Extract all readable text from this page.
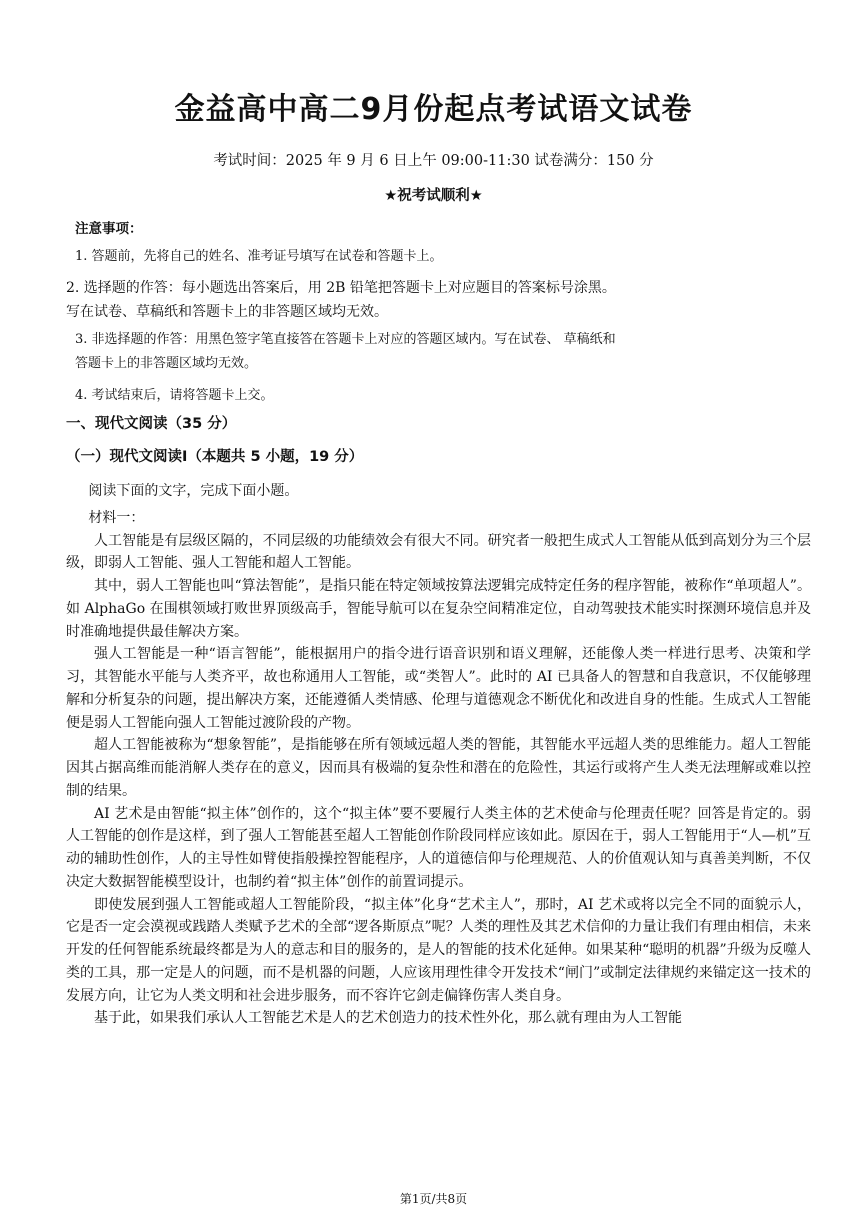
金益高中高二9月份起点考试语文试卷
考试时间：2025 年 9 月 6 日上午 09:00-11:30 试卷满分：150 分
★祝考试顺利★
注意事项：
1. 答题前，先将自己的姓名、准考证号填写在试卷和答题卡上。
2. 选择题的作答：每小题选出答案后，用 2B 铅笔把答题卡上对应题目的答案标号涂黑。
写在试卷、草稿纸和答题卡上的非答题区域均无效。
3. 非选择题的作答：用黑色签字笔直接答在答题卡上对应的答题区域内。写在试卷、 草稿纸和
答题卡上的非答题区域均无效。
4. 考试结束后，请将答题卡上交。
一、现代文阅读（35 分）
（一）现代文阅读Ⅰ（本题共 5 小题，19 分）

阅读下面的文字，完成下面小题。

材料一：

人工智能是有层级区隔的，不同层级的功能绩效会有很大不同。研究者一般把生成式人工智能从低到高划分为三个层级，即弱人工智能、强人工智能和超人工智能。

其中，弱人工智能也叫“算法智能”，是指只能在特定领域按算法逻辑完成特定任务的程序智能，被称作“单项超人”。如 AlphaGo 在围棋领域打败世界顶级高手，智能导航可以在复杂空间精准定位，自动驾驶技术能实时探测环境信息并及时准确地提供最佳解决方案。

强人工智能是一种“语言智能”，能根据用户的指令进行语音识别和语义理解，还能像人类一样进行思考、决策和学习，其智能水平能与人类齐平，故也称通用人工智能，或“类智人”。此时的 AI 已具备人的智慧和自我意识，不仅能够理解和分析复杂的问题，提出解决方案，还能遵循人类情感、伦理与道德观念不断优化和改进自身的性能。生成式人工智能便是弱人工智能向强人工智能过渡阶段的产物。

超人工智能被称为“想象智能”，是指能够在所有领域远超人类的智能，其智能水平远超人类的思维能力。超人工智能因其占据高维而能消解人类存在的意义，因而具有极端的复杂性和潜在的危险性，其运行或将产生人类无法理解或难以控制的结果。

AI 艺术是由智能“拟主体”创作的，这个“拟主体”要不要履行人类主体的艺术使命与伦理责任呢？回答是肯定的。弱人工智能的创作是这样，到了强人工智能甚至超人工智能创作阶段同样应该如此。原因在于，弱人工智能用于“人—机”互动的辅助性创作，人的主导性如臂使指般操控智能程序，人的道德信仰与伦理规范、人的价值观认知与真善美判断，不仅决定大数据智能模型设计，也制约着“拟主体”创作的前置词提示。

即使发展到强人工智能或超人工智能阶段，“拟主体”化身“艺术主人”，那时，AI 艺术或将以完全不同的面貌示人，它是否一定会漠视或践踏人类赋予艺术的全部“逻各斯原点”呢？人类的理性及其艺术信仰的力量让我们有理由相信，未来开发的任何智能系统最终都是为人的意志和目的服务的，是人的智能的技术化延伸。如果某种“聪明的机器”升级为反噬人类的工具，那一定是人的问题，而不是机器的问题，人应该用理性律令开发技术“闸门”或制定法律规约来锚定这一技术的发展方向，让它为人类文明和社会进步服务，而不容许它剑走偏锋伤害人类自身。

基于此，如果我们承认人工智能艺术是人的艺术创造力的技术性外化，那么就有理由为人工智能

第1页/共8页
